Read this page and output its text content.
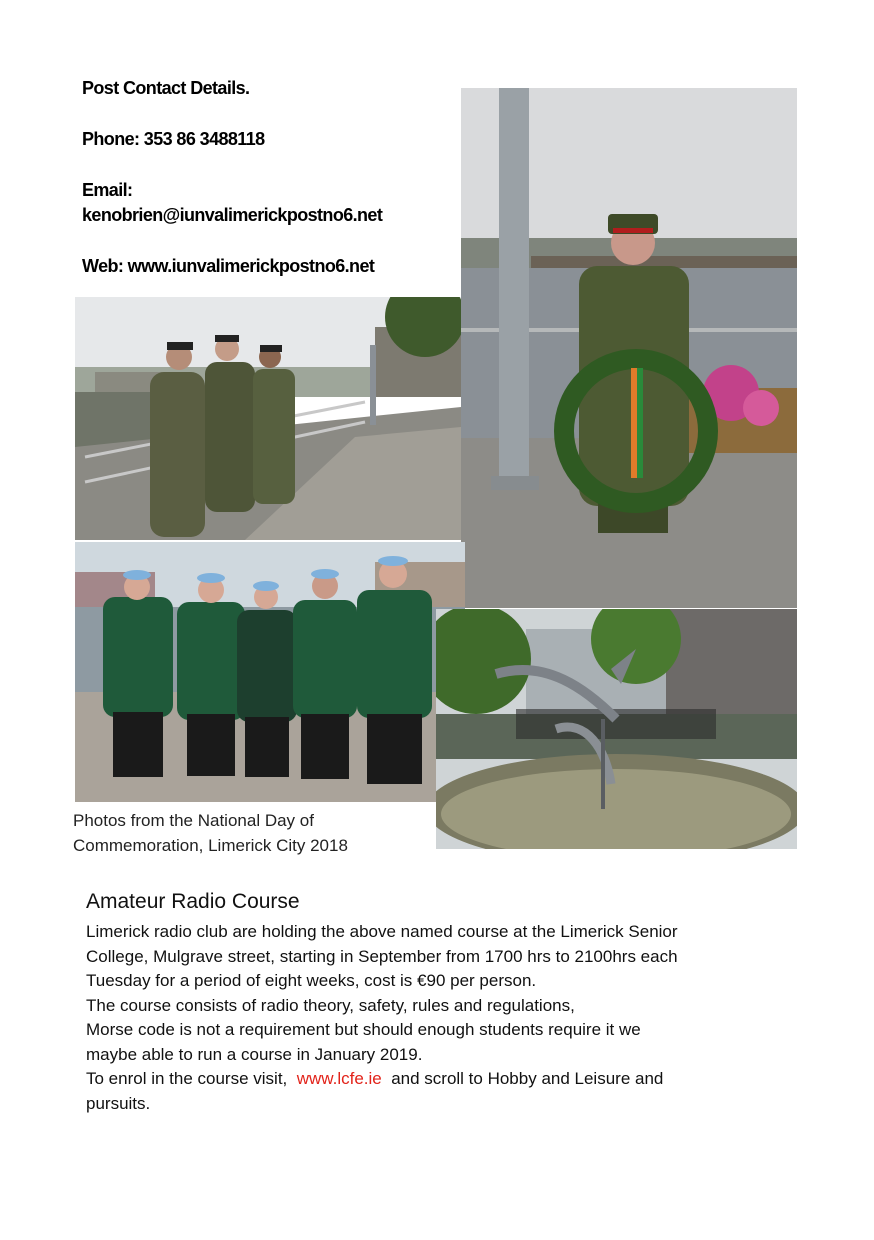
Post Contact Details.
Phone: 353 86 3488118
Email:
kenobrien@iunvalimerickpostno6.net
Web: www.iunvalimerickpostno6.net
Photos from the National Day of
Commemoration, Limerick City 2018
Amateur Radio Course

Limerick radio club are holding the above named course at the Limerick Senior

College, Mulgrave street, starting in September from 1700 hrs to 2100hrs each

Tuesday for a period of eight weeks, cost is €90 per person.

The course consists of radio theory, safety, rules and regulations,

Morse code is not a requirement but should enough students require it we

maybe able to run a course in January 2019.

To enrol in the course visit,  www.lcfe.ie  and scroll to Hobby and Leisure and

pursuits.
